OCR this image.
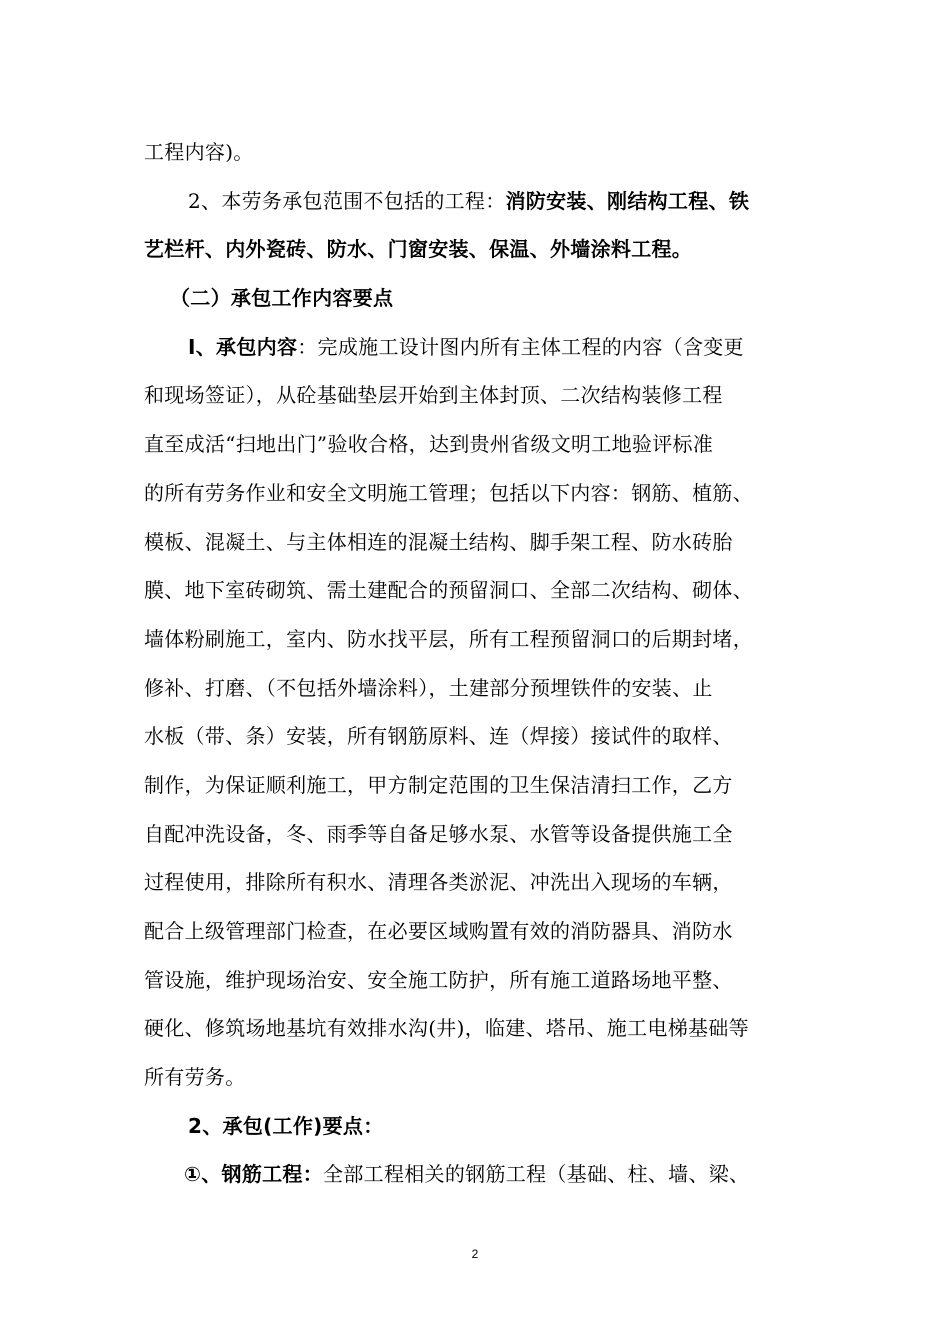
工程内容)。
2、本劳务承包范围不包括的工程：消防安装、刚结构工程、铁
艺栏杆、内外瓷砖、防水、门窗安装、保温、外墙涂料工程。
（二）承包工作内容要点
I、承包内容：完成施工设计图内所有主体工程的内容（含变更
和现场签证），从砼基础垫层开始到主体封顶、二次结构装修工程
直至成活“扫地出门”验收合格，达到贵州省级文明工地验评标准
的所有劳务作业和安全文明施工管理；包括以下内容：钢筋、植筋、
模板、混凝土、与主体相连的混凝土结构、脚手架工程、防水砖胎
膜、地下室砖砌筑、需土建配合的预留洞口、全部二次结构、砌体、
墙体粉刷施工，室内、防水找平层，所有工程预留洞口的后期封堵，
修补、打磨、（不包括外墙涂料），土建部分预埋铁件的安装、止
水板（带、条）安装，所有钢筋原料、连（焊接）接试件的取样、
制作，为保证顺利施工，甲方制定范围的卫生保洁清扫工作，乙方
自配冲洗设备，冬、雨季等自备足够水泵、水管等设备提供施工全
过程使用，排除所有积水、清理各类淤泥、冲洗出入现场的车辆，
配合上级管理部门检查，在必要区域购置有效的消防器具、消防水
管设施，维护现场治安、安全施工防护，所有施工道路场地平整、
硬化、修筑场地基坑有效排水沟(井)，临建、塔吊、施工电梯基础等
所有劳务。
2、承包(工作)要点：
①、钢筋工程：全部工程相关的钢筋工程（基础、柱、墙、梁、
2
